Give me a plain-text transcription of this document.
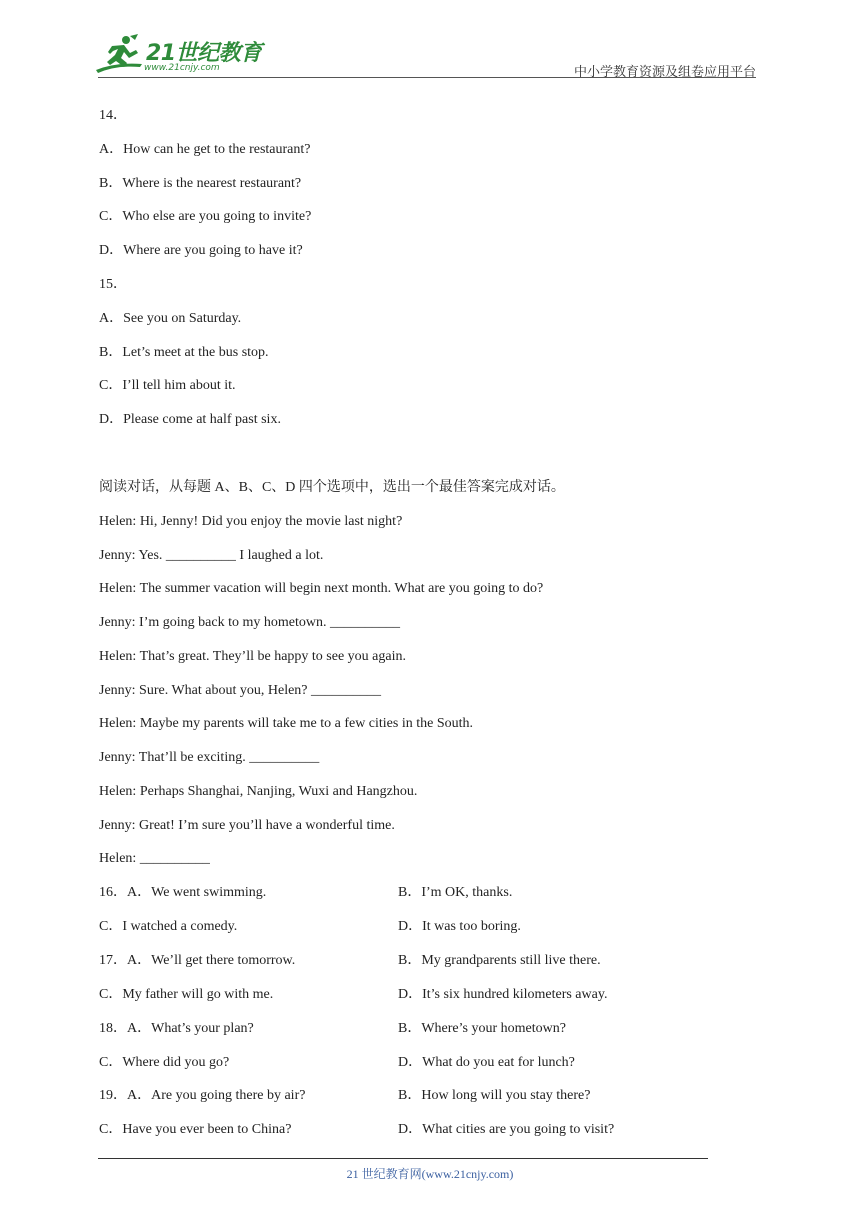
21世纪教育
www.21cnjy.com	中小学教育资源及组卷应用平台
14．
A．How can he get to the restaurant?
B．Where is the nearest restaurant?
C．Who else are you going to invite?
D．Where are you going to have it?
15．
A．See you on Saturday.
B．Let’s meet at the bus stop.
C．I’ll tell him about it.
D．Please come at half past six.
阅读对话，从每题 A、B、C、D 四个选项中，选出一个最佳答案完成对话。
Helen: Hi, Jenny! Did you enjoy the movie last night?
Jenny: Yes. __________ I laughed a lot.
Helen: The summer vacation will begin next month. What are you going to do?
Jenny: I’m going back to my hometown. __________
Helen: That’s great. They’ll be happy to see you again.
Jenny: Sure. What about you, Helen? __________
Helen: Maybe my parents will take me to a few cities in the South.
Jenny: That’ll be exciting. __________
Helen: Perhaps Shanghai, Nanjing, Wuxi and Hangzhou.
Jenny: Great! I’m sure you’ll have a wonderful time.
Helen: __________
16．A．We went swimming.	B．I’m OK, thanks.
C．I watched a comedy.	D．It was too boring.
17．A．We’ll get there tomorrow.	B．My grandparents still live there.
C．My father will go with me.	D．It’s six hundred kilometers away.
18．A．What’s your plan?	B．Where’s your hometown?
C．Where did you go?	D．What do you eat for lunch?
19．A．Are you going there by air?	B．How long will you stay there?
C．Have you ever been to China?	D．What cities are you going to visit?
21 世纪教育网(www.21cnjy.com)
